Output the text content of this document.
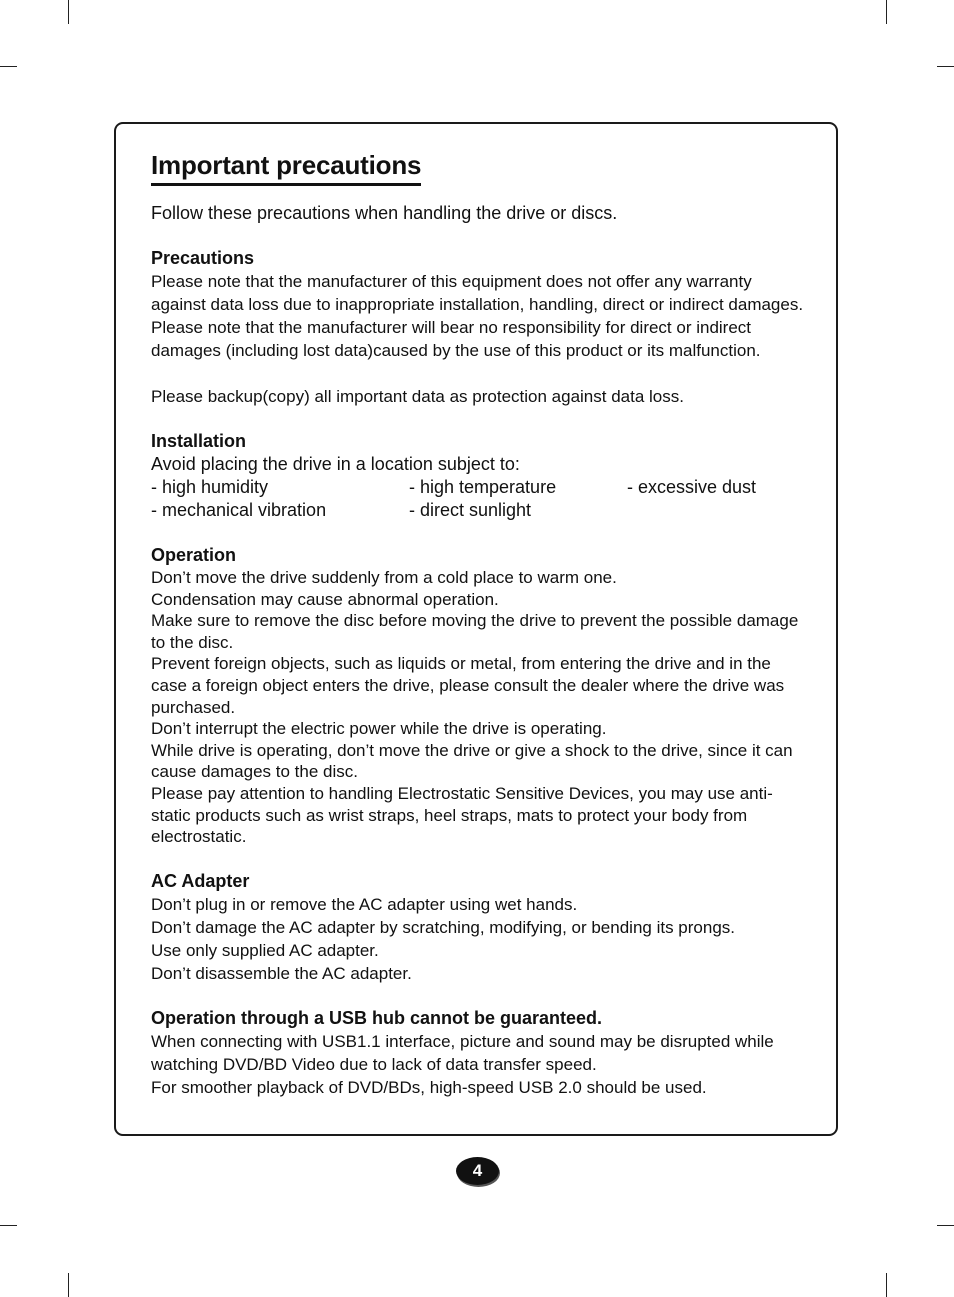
Important precautions
Follow these precautions when handling the drive or discs.
Precautions
Please note that the manufacturer of this equipment does not offer any warranty against data loss due to inappropriate installation, handling, direct or indirect damages. Please note that the manufacturer will bear no responsibility for direct or indirect damages (including lost data)caused by the use of this product or its malfunction.
Please backup(copy) all important data as protection against data loss.
Installation
Avoid placing the drive in a location subject to:
- high humidity	- high temperature	- excessive dust
- mechanical vibration	- direct sunlight
Operation
Don’t move the drive suddenly from a cold place to warm one.
Condensation may cause abnormal operation.
Make sure to remove the disc before moving the drive to prevent the possible damage to the disc.
Prevent foreign objects, such as liquids or metal, from entering the drive and in the case a foreign object enters the drive, please consult the dealer where the drive was purchased.
Don’t interrupt the electric power while the drive is operating.
While drive is operating, don’t move the drive or give a shock to the drive, since it can cause damages to the disc.
Please pay attention to handling Electrostatic Sensitive Devices, you may use anti-static products such as wrist straps, heel straps, mats to protect your body from electrostatic.
AC Adapter
Don’t plug in or remove the AC adapter using wet hands.
Don’t damage the AC adapter by scratching, modifying, or bending its prongs.
Use only supplied AC adapter.
Don’t disassemble the AC adapter.
Operation through a USB hub cannot be guaranteed.
When connecting with USB1.1 interface, picture and sound may be disrupted while watching DVD/BD Video due to lack of data transfer speed.
For smoother playback of DVD/BDs, high-speed USB 2.0 should be used.
4
